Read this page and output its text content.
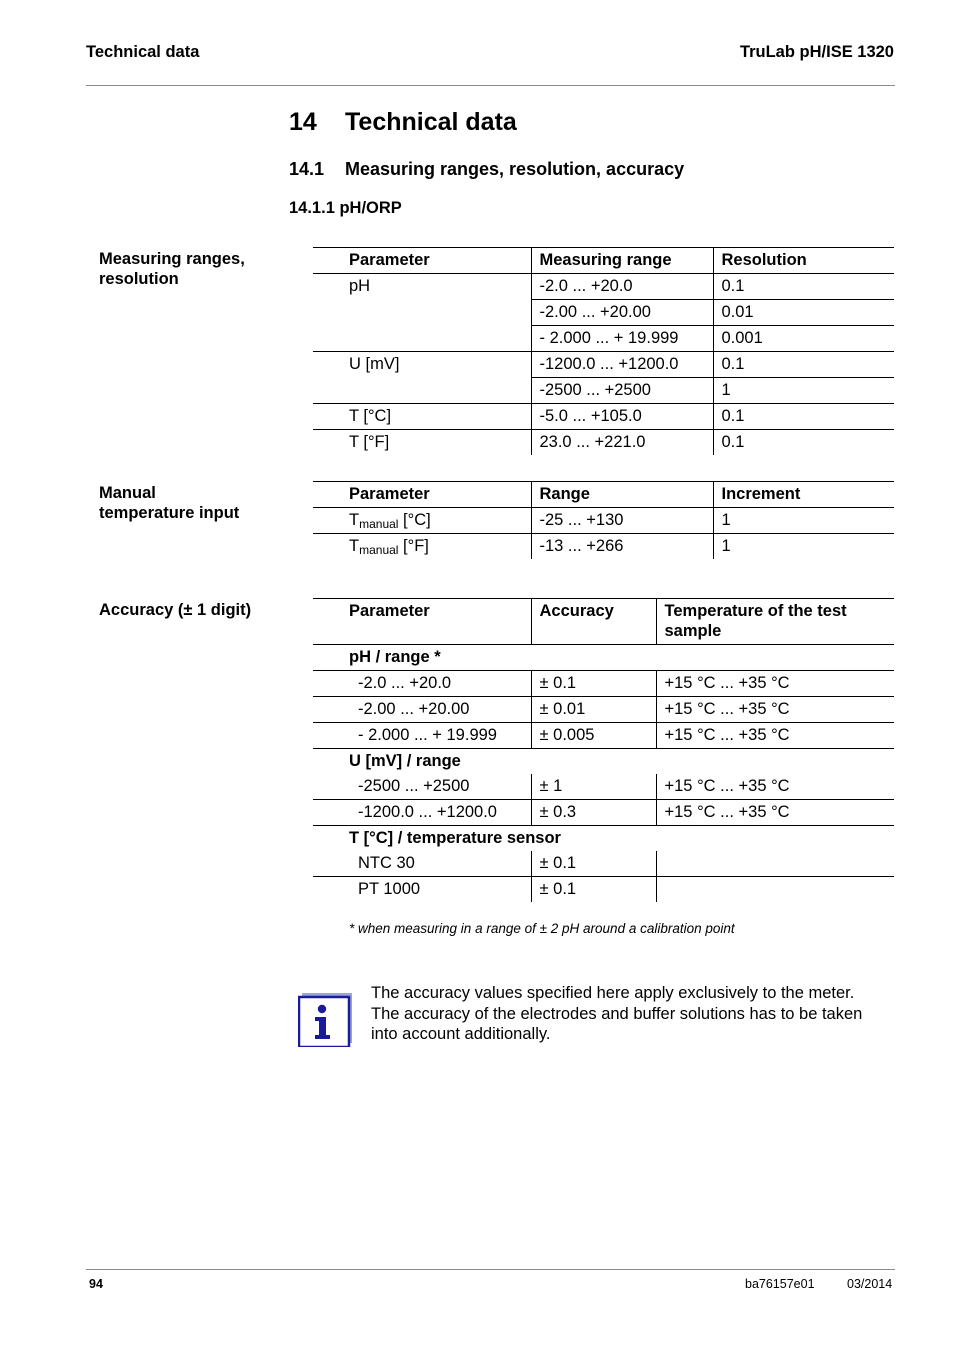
Technical data	TruLab pH/ISE 1320
14 Technical data
14.1 Measuring ranges, resolution, accuracy
14.1.1 pH/ORP
Measuring ranges,
resolution
Parameter	Measuring range	Resolution
pH	-2.0 ... +20.0	0.1
	-2.00 ... +20.00	0.01
	- 2.000 ... + 19.999	0.001
U [mV]	-1200.0 ... +1200.0	0.1
	-2500 ... +2500	1
T [°C]	-5.0 ... +105.0	0.1
T [°F]	23.0 ... +221.0	0.1
Manual
temperature input
Parameter	Range	Increment
$T_{manual}$ [°C]	-25 ... +130	1
$T_{manual}$ [°F]	-13 ... +266	1
Accuracy (± 1 digit)	Parameter	Accuracy	Temperature of the test sample
pH / range *		
-2.0 ... +20.0	± 0.1	+15 °C ... +35 °C
-2.00 ... +20.00	± 0.01	+15 °C ... +35 °C
- 2.000 ... + 19.999	± 0.005	+15 °C ... +35 °C
U [mV] / range		
-2500 ... +2500	± 1	+15 °C ... +35 °C
-1200.0 ... +1200.0	± 0.3	+15 °C ... +35 °C
T [°C] / temperature sensor		
NTC 30	± 0.1	
PT 1000	± 0.1	
* when measuring in a range of ± 2 pH around a calibration point
The accuracy values specified here apply exclusively to the meter.
The accuracy of the electrodes and buffer solutions has to be taken
into account additionally.
94	ba76157e01	03/2014
